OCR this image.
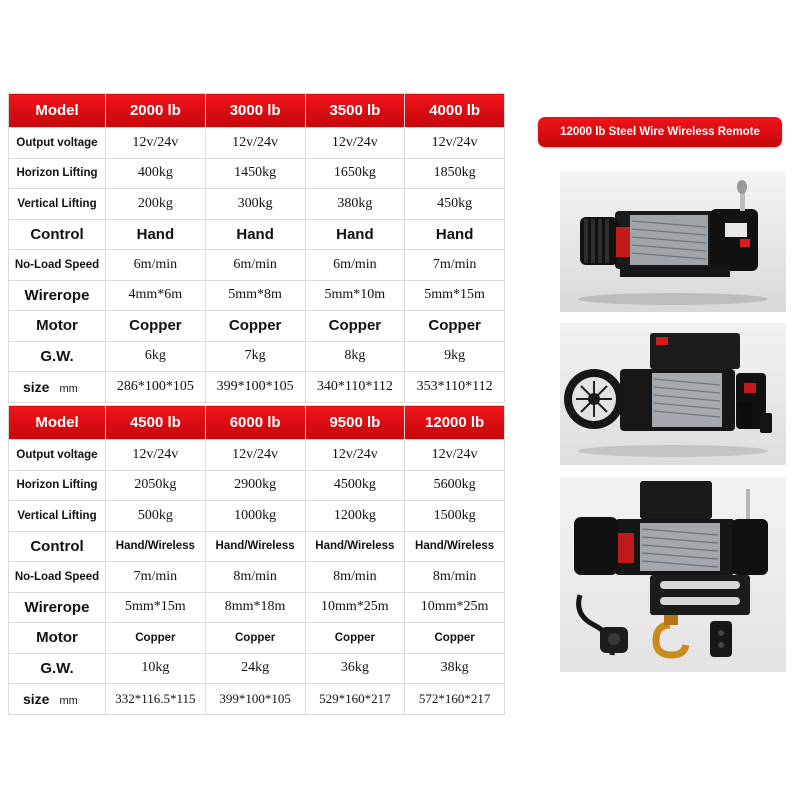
Model	2000 lb	3000 lb	3500 lb	4000 lb
Output voltage	12v/24v	12v/24v	12v/24v	12v/24v
Horizon Lifting	400kg	1450kg	1650kg	1850kg
Vertical Lifting	200kg	300kg	380kg	450kg
Control	Hand	Hand	Hand	Hand
No-Load Speed	6m/min	6m/min	6m/min	7m/min
Wirerope	4mm*6m	5mm*8m	5mm*10m	5mm*15m
Motor	Copper	Copper	Copper	Copper
G.W.	6kg	7kg	8kg	9kg
size mm	286*100*105	399*100*105	340*110*112	353*110*112
Model	4500 lb	6000 lb	9500 lb	12000 lb
Output voltage	12v/24v	12v/24v	12v/24v	12v/24v
Horizon Lifting	2050kg	2900kg	4500kg	5600kg
Vertical Lifting	500kg	1000kg	1200kg	1500kg
Control	Hand/Wireless	Hand/Wireless	Hand/Wireless	Hand/Wireless
No-Load Speed	7m/min	8m/min	8m/min	8m/min
Wirerope	5mm*15m	8mm*18m	10mm*25m	10mm*25m
Motor	Copper	Copper	Copper	Copper
G.W.	10kg	24kg	36kg	38kg
size mm	332*116.5*115	399*100*105	529*160*217	572*160*217
12000 lb Steel Wire Wireless Remote
